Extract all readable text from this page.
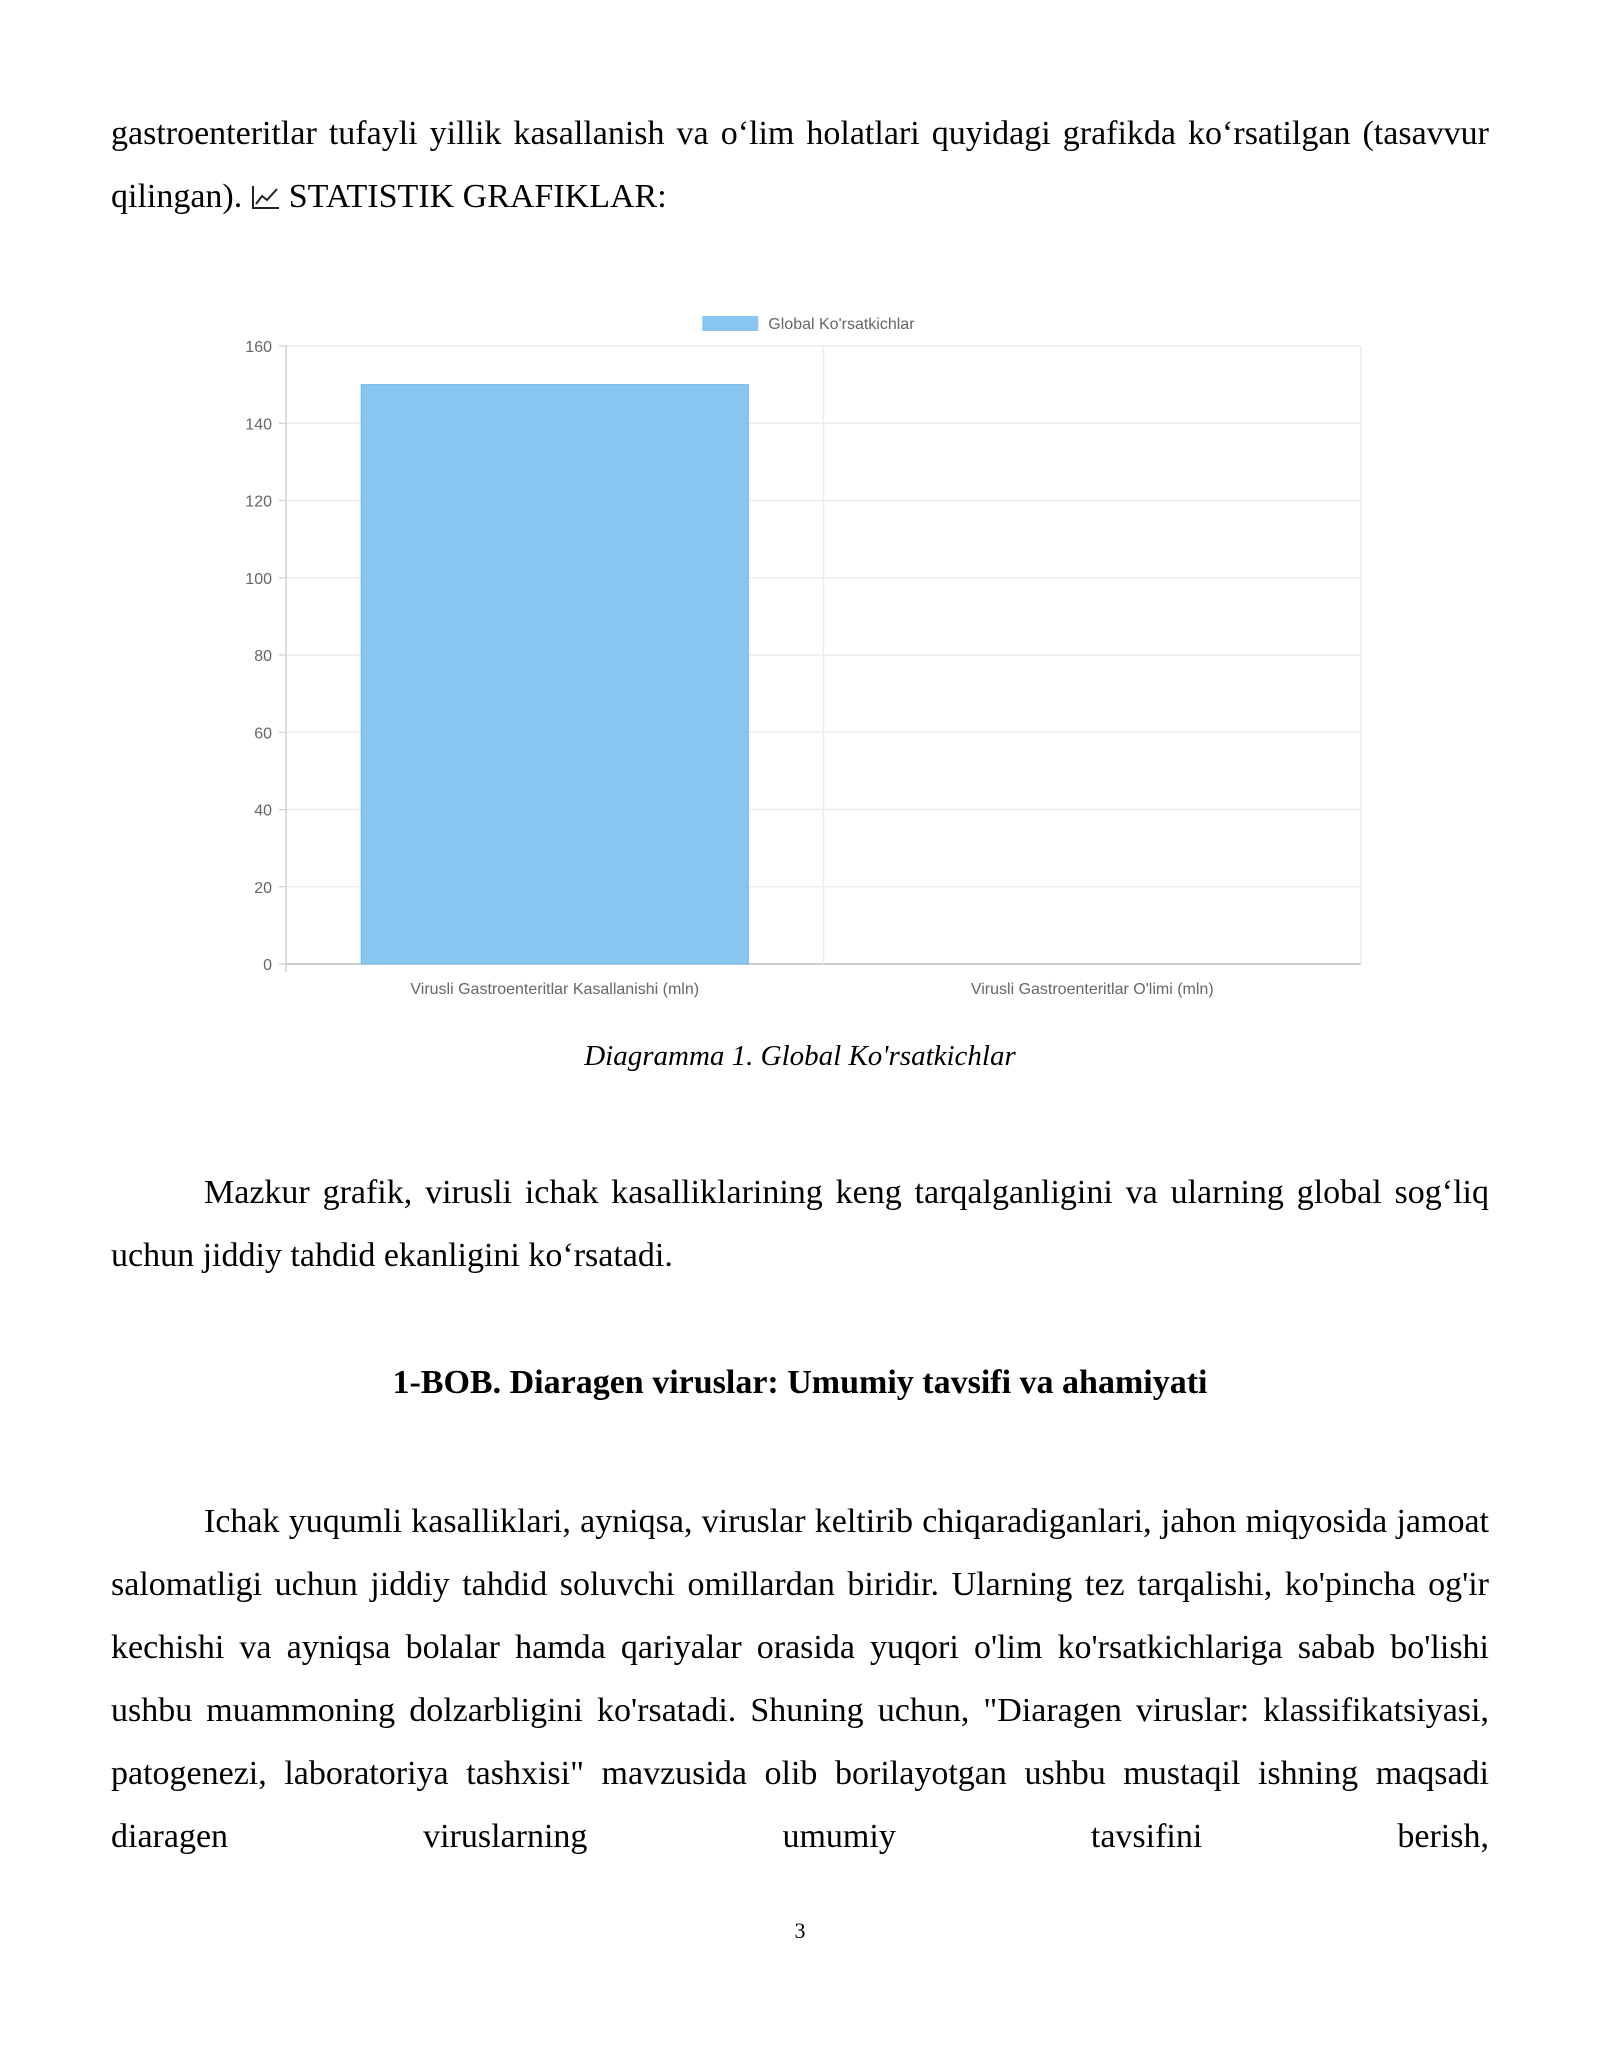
gastroenteritlar tufayli yillik kasallanish va o‘lim holatlari quyidagi grafikda ko‘rsatilgan (tasavvur qilingan). STATISTIK GRAFIKLAR:
0
20
40
60
80
100
120
140
160
Virusli Gastroenteritlar Kasallanishi (mln)	Virusli Gastroenteritlar O'limi (mln)
Global Ko'rsatkichlar
Diagramma 1. Global Ko'rsatkichlar
Mazkur grafik, virusli ichak kasalliklarining keng tarqalganligini va ularning global sog‘liq uchun jiddiy tahdid ekanligini ko‘rsatadi.
1-BOB. Diaragen viruslar: Umumiy tavsifi va ahamiyati
Ichak yuqumli kasalliklari, ayniqsa, viruslar keltirib chiqaradiganlari, jahon miqyosida jamoat salomatligi uchun jiddiy tahdid soluvchi omillardan biridir. Ularning tez tarqalishi, ko'pincha og'ir kechishi va ayniqsa bolalar hamda qariyalar orasida yuqori o'lim ko'rsatkichlariga sabab bo'lishi ushbu muammoning dolzarbligini ko'rsatadi. Shuning uchun, "Diaragen viruslar: klassifikatsiyasi, patogenezi, laboratoriya tashxisi" mavzusida olib borilayotgan ushbu mustaqil ishning maqsadi diaragen viruslarning umumiy tavsifini berish,
3
